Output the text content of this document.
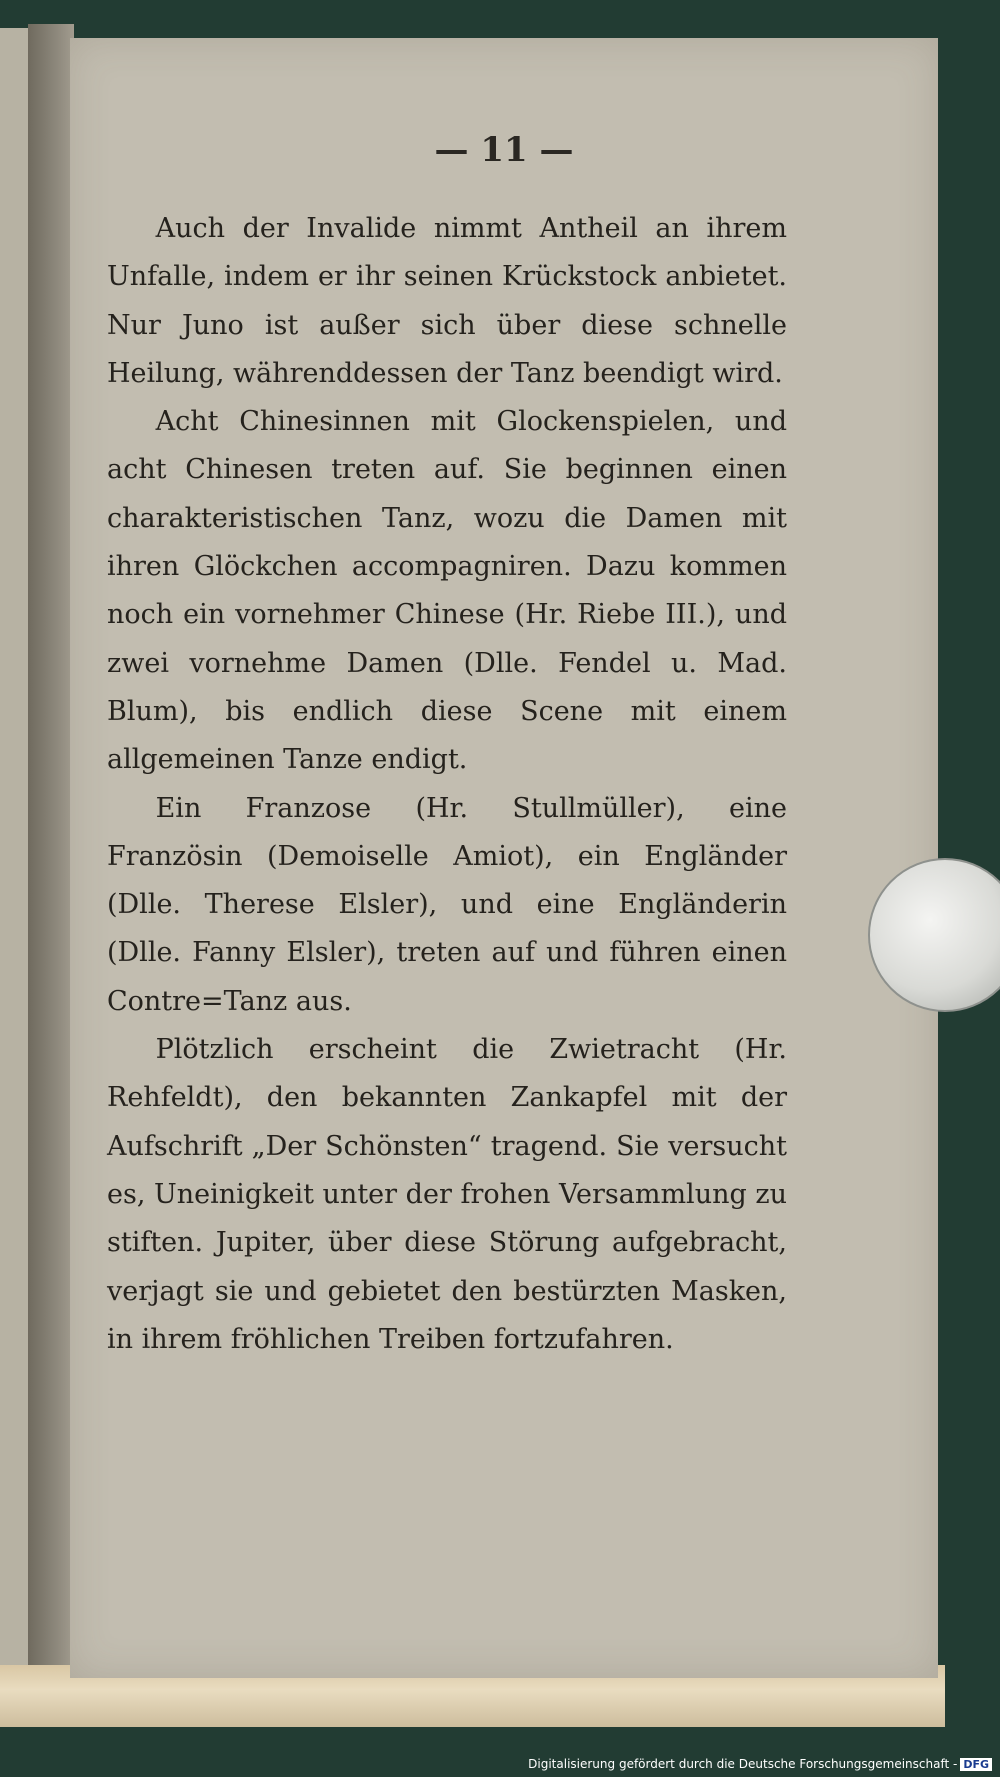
— 11 —

Auch der Invalide nimmt Antheil an ihrem Unfalle, indem er ihr seinen Krückstock anbietet. Nur Juno ist außer sich über diese schnelle Heilung, währenddessen der Tanz beendigt wird.

Acht Chinesinnen mit Glockenspielen, und acht Chinesen treten auf. Sie beginnen einen charakteristischen Tanz, wozu die Damen mit ihren Glöckchen accompagniren. Dazu kommen noch ein vornehmer Chinese (Hr. Riebe III.), und zwei vornehme Damen (Dlle. Fendel u. Mad. Blum), bis endlich diese Scene mit einem allgemeinen Tanze endigt.

Ein Franzose (Hr. Stullmüller), eine Französin (Demoiselle Amiot), ein Engländer (Dlle. Therese Elsler), und eine Engländerin (Dlle. Fanny Elsler), treten auf und führen einen Contre=Tanz aus.

Plötzlich erscheint die Zwietracht (Hr. Rehfeldt), den bekannten Zankapfel mit der Aufschrift „Der Schönsten“ tragend. Sie versucht es, Uneinigkeit unter der frohen Versammlung zu stiften. Jupiter, über diese Störung aufgebracht, verjagt sie und gebietet den bestürzten Masken, in ihrem fröhlichen Treiben fortzufahren.

Digitalisierung gefördert durch die Deutsche Forschungsgemeinschaft - DFG
